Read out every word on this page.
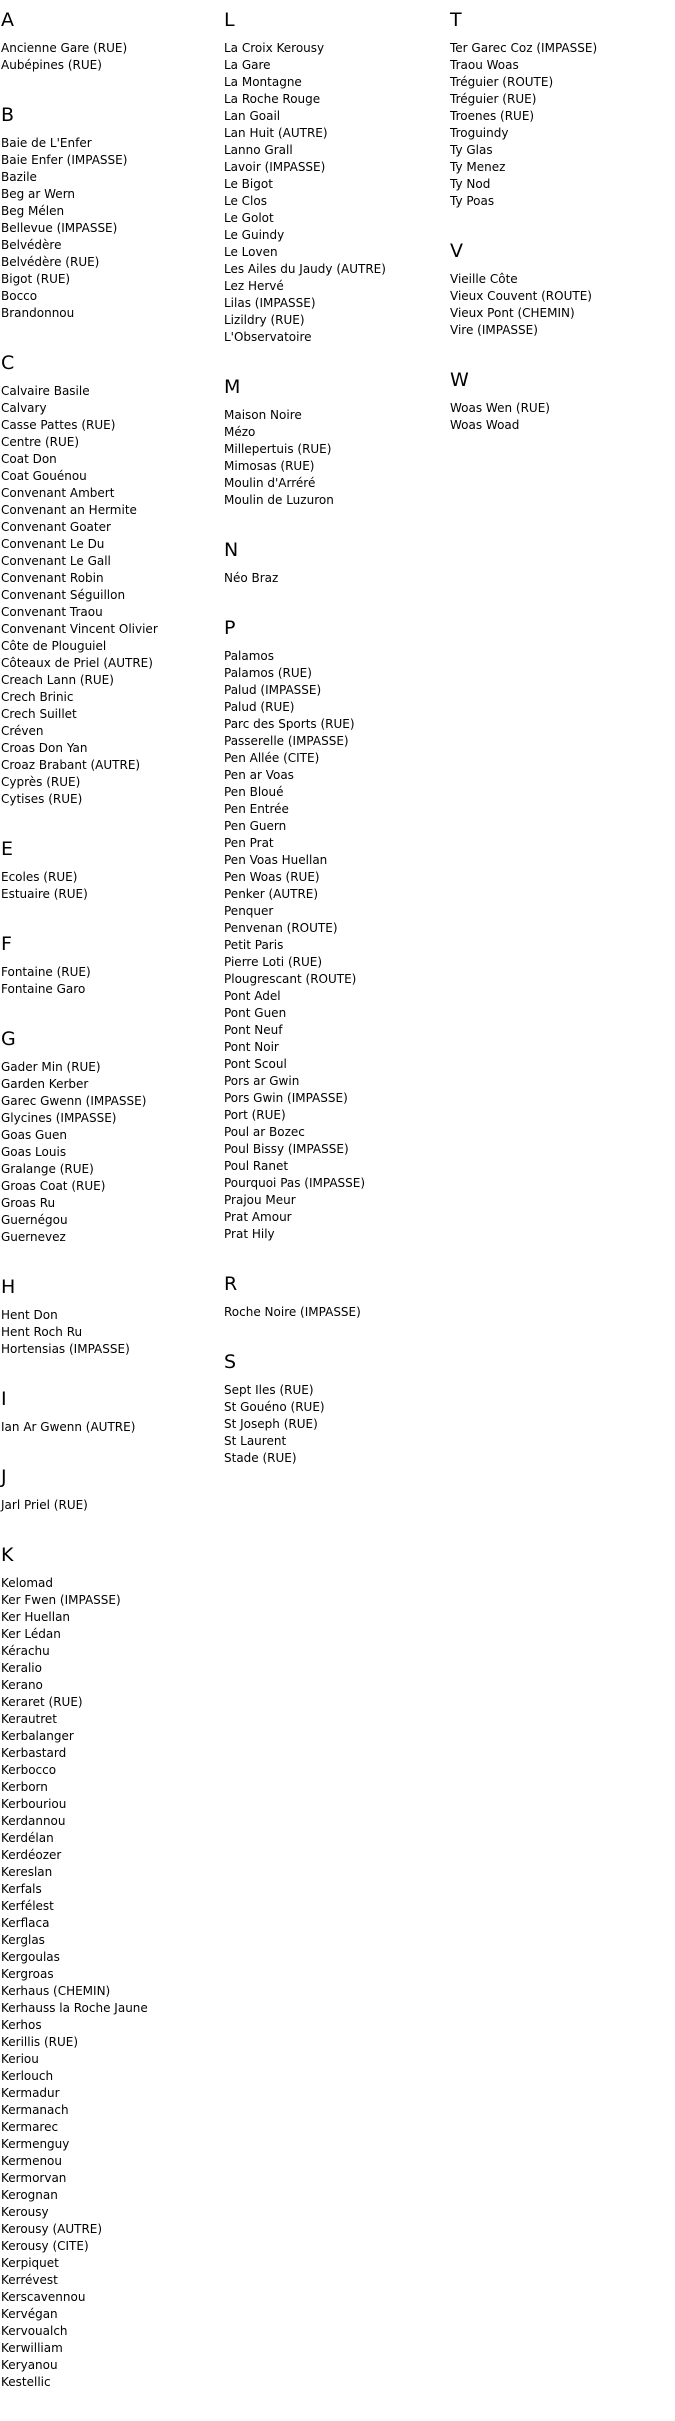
A
Ancienne Gare (RUE)
Aubépines (RUE)
B
Baie de L'Enfer
Baie Enfer (IMPASSE)
Bazile
Beg ar Wern
Beg Mélen
Bellevue (IMPASSE)
Belvédère
Belvédère (RUE)
Bigot (RUE)
Bocco
Brandonnou
C
Calvaire Basile
Calvary
Casse Pattes (RUE)
Centre (RUE)
Coat Don
Coat Gouénou
Convenant Ambert
Convenant an Hermite
Convenant Goater
Convenant Le Du
Convenant Le Gall
Convenant Robin
Convenant Séguillon
Convenant Traou
Convenant Vincent Olivier
Côte de Plouguiel
Côteaux de Priel (AUTRE)
Creach Lann (RUE)
Crech Brinic
Crech Suillet
Créven
Croas Don Yan
Croaz Brabant (AUTRE)
Cyprès (RUE)
Cytises (RUE)
E
Ecoles (RUE)
Estuaire (RUE)
F
Fontaine (RUE)
Fontaine Garo
G
Gader Min (RUE)
Garden Kerber
Garec Gwenn (IMPASSE)
Glycines (IMPASSE)
Goas Guen
Goas Louis
Gralange (RUE)
Groas Coat (RUE)
Groas Ru
Guernégou
Guernevez
H
Hent Don
Hent Roch Ru
Hortensias (IMPASSE)
I
Ian Ar Gwenn (AUTRE)
J
Jarl Priel (RUE)
K
Kelomad
Ker Fwen (IMPASSE)
Ker Huellan
Ker Lédan
Kérachu
Keralio
Kerano
Keraret (RUE)
Kerautret
Kerbalanger
Kerbastard
Kerbocco
Kerborn
Kerbouriou
Kerdannou
Kerdélan
Kerdéozer
Kereslan
Kerfals
Kerfélest
Kerflaca
Kerglas
Kergoulas
Kergroas
Kerhaus (CHEMIN)
Kerhauss la Roche Jaune
Kerhos
Kerillis (RUE)
Keriou
Kerlouch
Kermadur
Kermanach
Kermarec
Kermenguy
Kermenou
Kermorvan
Kerognan
Kerousy
Kerousy (AUTRE)
Kerousy (CITE)
Kerpiquet
Kerrévest
Kerscavennou
Kervégan
Kervoualch
Kerwilliam
Keryanou
Kestellic
L
La Croix Kerousy
La Gare
La Montagne
La Roche Rouge
Lan Goail
Lan Huit (AUTRE)
Lanno Grall
Lavoir (IMPASSE)
Le Bigot
Le Clos
Le Golot
Le Guindy
Le Loven
Les Ailes du Jaudy (AUTRE)
Lez Hervé
Lilas (IMPASSE)
Lizildry (RUE)
L'Observatoire
M
Maison Noire
Mézo
Millepertuis (RUE)
Mimosas (RUE)
Moulin d'Arréré
Moulin de Luzuron
N
Néo Braz
P
Palamos
Palamos (RUE)
Palud (IMPASSE)
Palud (RUE)
Parc des Sports (RUE)
Passerelle (IMPASSE)
Pen Allée (CITE)
Pen ar Voas
Pen Bloué
Pen Entrée
Pen Guern
Pen Prat
Pen Voas Huellan
Pen Woas (RUE)
Penker (AUTRE)
Penquer
Penvenan (ROUTE)
Petit Paris
Pierre Loti (RUE)
Plougrescant (ROUTE)
Pont Adel
Pont Guen
Pont Neuf
Pont Noir
Pont Scoul
Pors ar Gwin
Pors Gwin (IMPASSE)
Port (RUE)
Poul ar Bozec
Poul Bissy (IMPASSE)
Poul Ranet
Pourquoi Pas (IMPASSE)
Prajou Meur
Prat Amour
Prat Hily
R
Roche Noire (IMPASSE)
S
Sept Iles (RUE)
St Gouéno (RUE)
St Joseph (RUE)
St Laurent
Stade (RUE)
T
Ter Garec Coz (IMPASSE)
Traou Woas
Tréguier (ROUTE)
Tréguier (RUE)
Troenes (RUE)
Troguindy
Ty Glas
Ty Menez
Ty Nod
Ty Poas
V
Vieille Côte
Vieux Couvent (ROUTE)
Vieux Pont (CHEMIN)
Vire (IMPASSE)
W
Woas Wen (RUE)
Woas Woad
